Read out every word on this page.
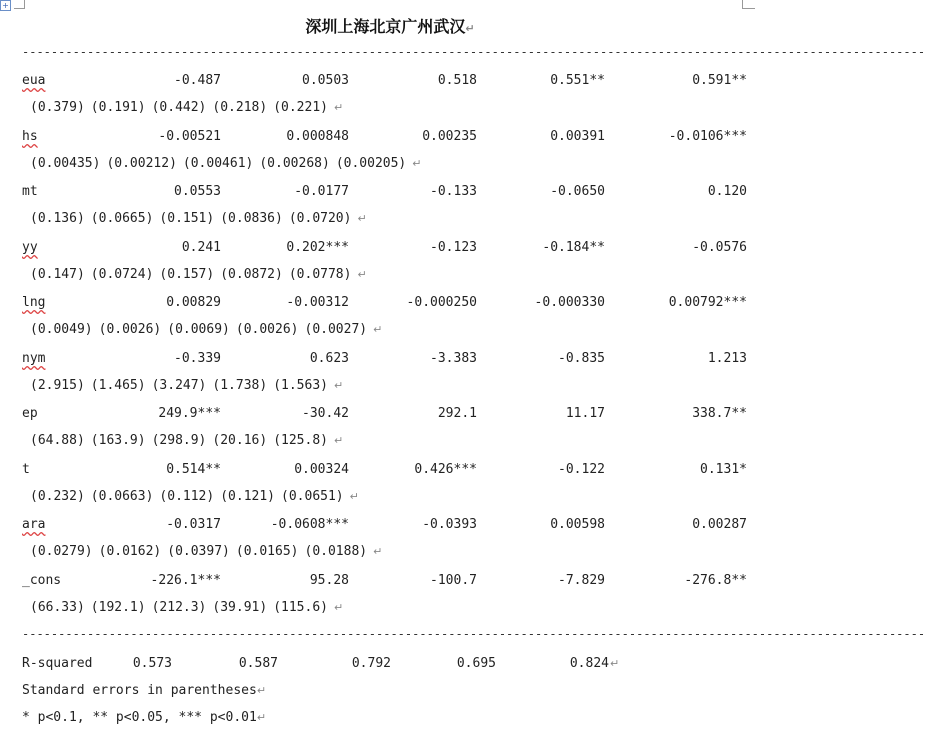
+
深圳上海北京广州武汉↵
-----------------------------------------------------------------------------------------------------------------------------
eua	-0.487	0.0503	0.518	0.551**	0.591**
(0.379) (0.191) (0.442) (0.218) (0.221) ↵
hs	-0.00521	0.000848	0.00235	0.00391	-0.0106***
(0.00435) (0.00212) (0.00461) (0.00268) (0.00205) ↵
mt	0.0553	-0.0177	-0.133	-0.0650	0.120
(0.136) (0.0665) (0.151) (0.0836) (0.0720) ↵
yy	0.241	0.202***	-0.123	-0.184**	-0.0576
(0.147) (0.0724) (0.157) (0.0872) (0.0778) ↵
lng	0.00829	-0.00312	-0.000250	-0.000330	0.00792***
(0.0049) (0.0026) (0.0069) (0.0026) (0.0027) ↵
nym	-0.339	0.623	-3.383	-0.835	1.213
(2.915) (1.465) (3.247) (1.738) (1.563) ↵
ep	249.9***	-30.42	292.1	11.17	338.7**
(64.88) (163.9) (298.9) (20.16) (125.8) ↵
t	0.514**	0.00324	0.426***	-0.122	0.131*
(0.232) (0.0663) (0.112) (0.121) (0.0651) ↵
ara	-0.0317	-0.0608***	-0.0393	0.00598	0.00287
(0.0279) (0.0162) (0.0397) (0.0165) (0.0188) ↵
_cons	-226.1***	95.28	-100.7	-7.829	-276.8**
(66.33) (192.1) (212.3) (39.91) (115.6) ↵
-----------------------------------------------------------------------------------------------------------------------------
R-squared	0.573	0.587	0.792	0.695	0.824 ↵
Standard errors in parentheses↵
* p<0.1, ** p<0.05, *** p<0.01↵
